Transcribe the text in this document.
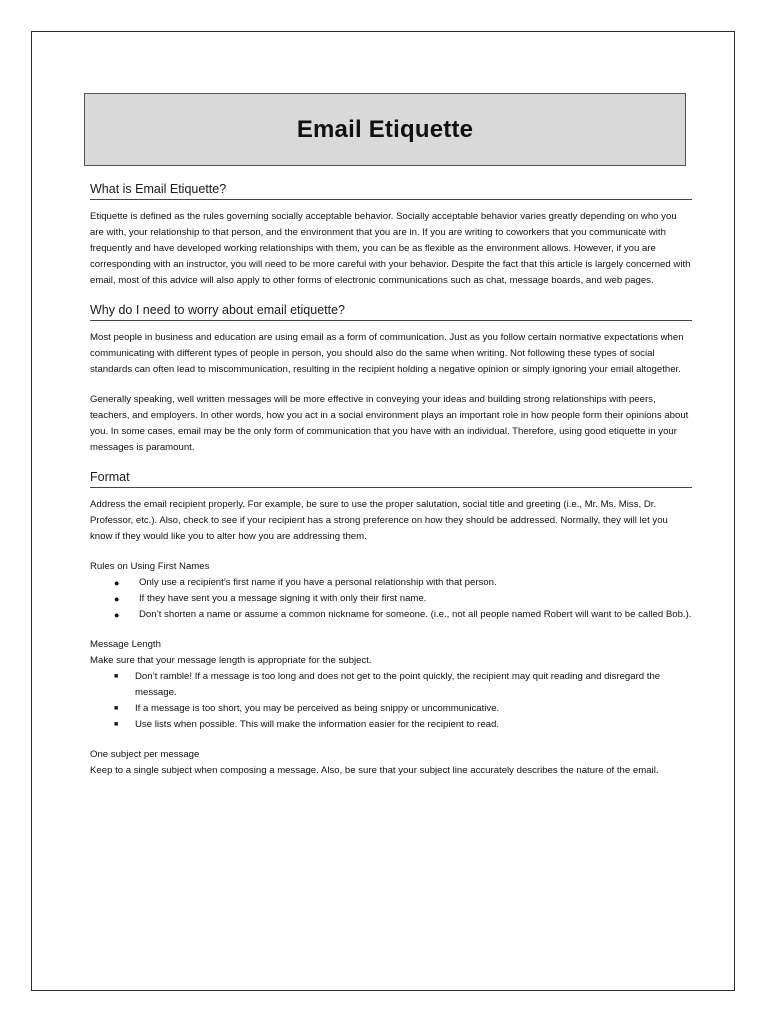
Email Etiquette
What is Email Etiquette?

Etiquette is defined as the rules governing socially acceptable behavior. Socially acceptable behavior varies greatly depending on who you are with, your relationship to that person, and the environment that you are in. If you are writing to coworkers that you communicate with frequently and have developed working relationships with them, you can be as flexible as the environment allows. However, if you are corresponding with an instructor, you will need to be more careful with your behavior. Despite the fact that this article is largely concerned with email, most of this advice will also apply to other forms of electronic communications such as chat, message boards, and web pages.

Why do I need to worry about email etiquette?

Most people in business and education are using email as a form of communication. Just as you follow certain normative expectations when communicating with different types of people in person, you should also do the same when writing. Not following these types of social standards can often lead to miscommunication, resulting in the recipient holding a negative opinion or simply ignoring your email altogether.

Generally speaking, well written messages will be more effective in conveying your ideas and building strong relationships with peers, teachers, and employers. In other words, how you act in a social environment plays an important role in how people form their opinions about you. In some cases, email may be the only form of communication that you have with an individual. Therefore, using good etiquette in your messages is paramount.

Format

Address the email recipient properly. For example, be sure to use the proper salutation, social title and greeting (i.e., Mr. Ms. Miss, Dr. Professor, etc.). Also, check to see if your recipient has a strong preference on how they should be addressed. Normally, they will let you know if they would like you to alter how you are addressing them.

Rules on Using First Names

● Only use a recipient’s first name if you have a personal relationship with that person.
● If they have sent you a message signing it with only their first name.
● Don’t shorten a name or assume a common nickname for someone. (i.e., not all people named Robert will want to be called Bob.).

Message Length

Make sure that your message length is appropriate for the subject.

■ Don’t ramble! If a message is too long and does not get to the point quickly, the recipient may quit reading and disregard the message.
■ If a message is too short, you may be perceived as being snippy or uncommunicative.
■ Use lists when possible. This will make the information easier for the recipient to read.

One subject per message

Keep to a single subject when composing a message. Also, be sure that your subject line accurately describes the nature of the email.
